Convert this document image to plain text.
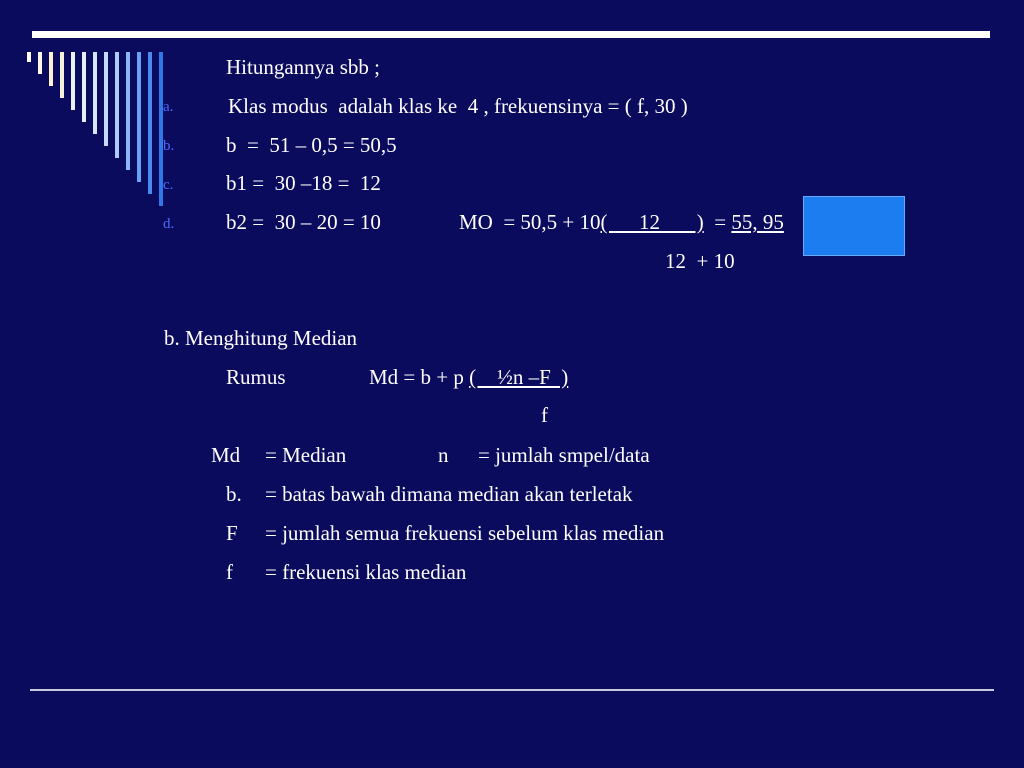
Hitungannya sbb ;
a.	Klas modus  adalah klas ke  4 , frekuensinya = ( f, 30 )
b. b  =  51 – 0,5 = 50,5
c.	b1 =  30 –18 =  12
d. b2 =  30 – 20 = 10	MO  = 50,5 + 10(      12       )  = 55, 95
12  + 10
b. Menghitung Median
Rumus	Md = b + p (    ½n –F  )
f
Md = Median	n = jumlah smpel/data
b. = batas bawah dimana median akan terletak
F = jumlah semua frekuensi sebelum klas median
f = frekuensi klas median
